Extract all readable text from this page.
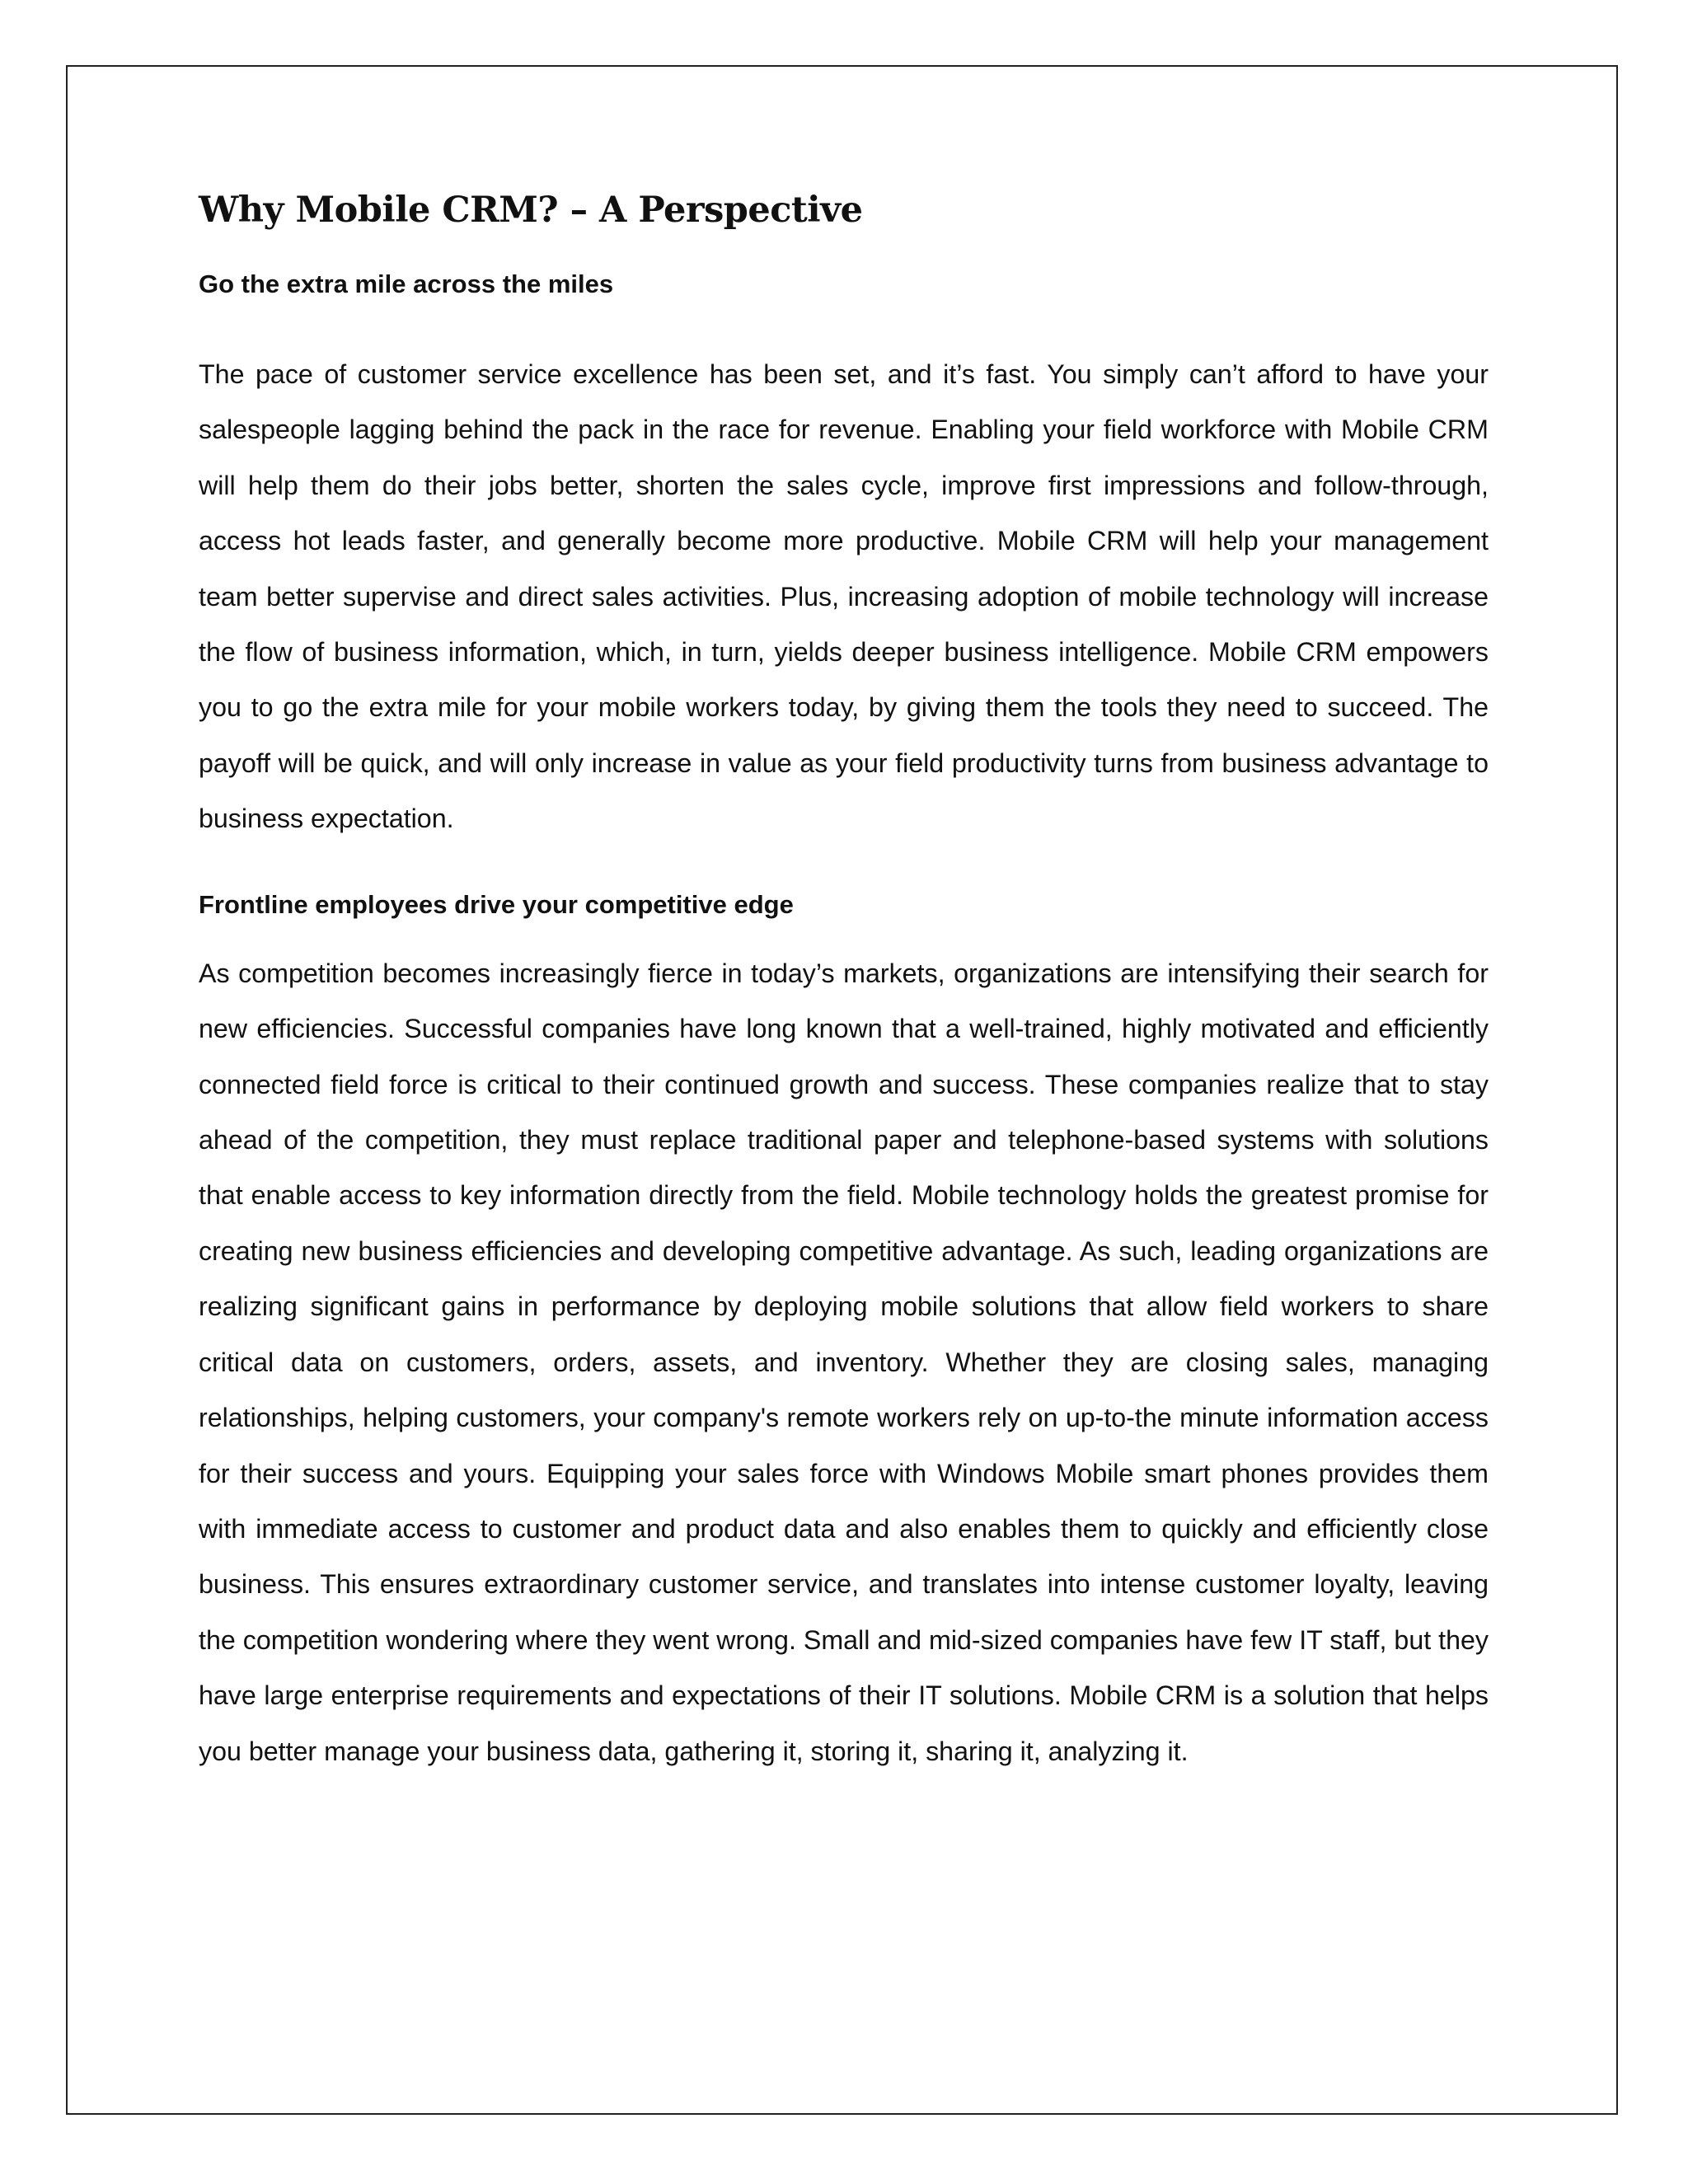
Why Mobile CRM? – A Perspective
Go the extra mile across the miles

The pace of customer service excellence has been set, and it’s fast. You simply can’t afford to have your salespeople lagging behind the pack in the race for revenue. Enabling your field workforce with Mobile CRM will help them do their jobs better, shorten the sales cycle, improve first impressions and follow-through, access hot leads faster, and generally become more productive. Mobile CRM will help your management team better supervise and direct sales activities. Plus, increasing adoption of mobile technology will increase the flow of business information, which, in turn, yields deeper business intelligence. Mobile CRM empowers you to go the extra mile for your mobile workers today, by giving them the tools they need to succeed. The payoff will be quick, and will only increase in value as your field productivity turns from business advantage to business expectation.

Frontline employees drive your competitive edge

As competition becomes increasingly fierce in today’s markets, organizations are intensifying their search for new efficiencies. Successful companies have long known that a well-trained, highly motivated and efficiently connected field force is critical to their continued growth and success. These companies realize that to stay ahead of the competition, they must replace traditional paper and telephone-based systems with solutions that enable access to key information directly from the field. Mobile technology holds the greatest promise for creating new business efficiencies and developing competitive advantage. As such, leading organizations are realizing significant gains in performance by deploying mobile solutions that allow field workers to share critical data on customers, orders, assets, and inventory. Whether they are closing sales, managing relationships, helping customers, your company's remote workers rely on up-to-the minute information access for their success and yours. Equipping your sales force with Windows Mobile smart phones provides them with immediate access to customer and product data and also enables them to quickly and efficiently close business. This ensures extraordinary customer service, and translates into intense customer loyalty, leaving the competition wondering where they went wrong. Small and mid-sized companies have few IT staff, but they have large enterprise requirements and expectations of their IT solutions. Mobile CRM is a solution that helps you better manage your business data, gathering it, storing it, sharing it, analyzing it.
